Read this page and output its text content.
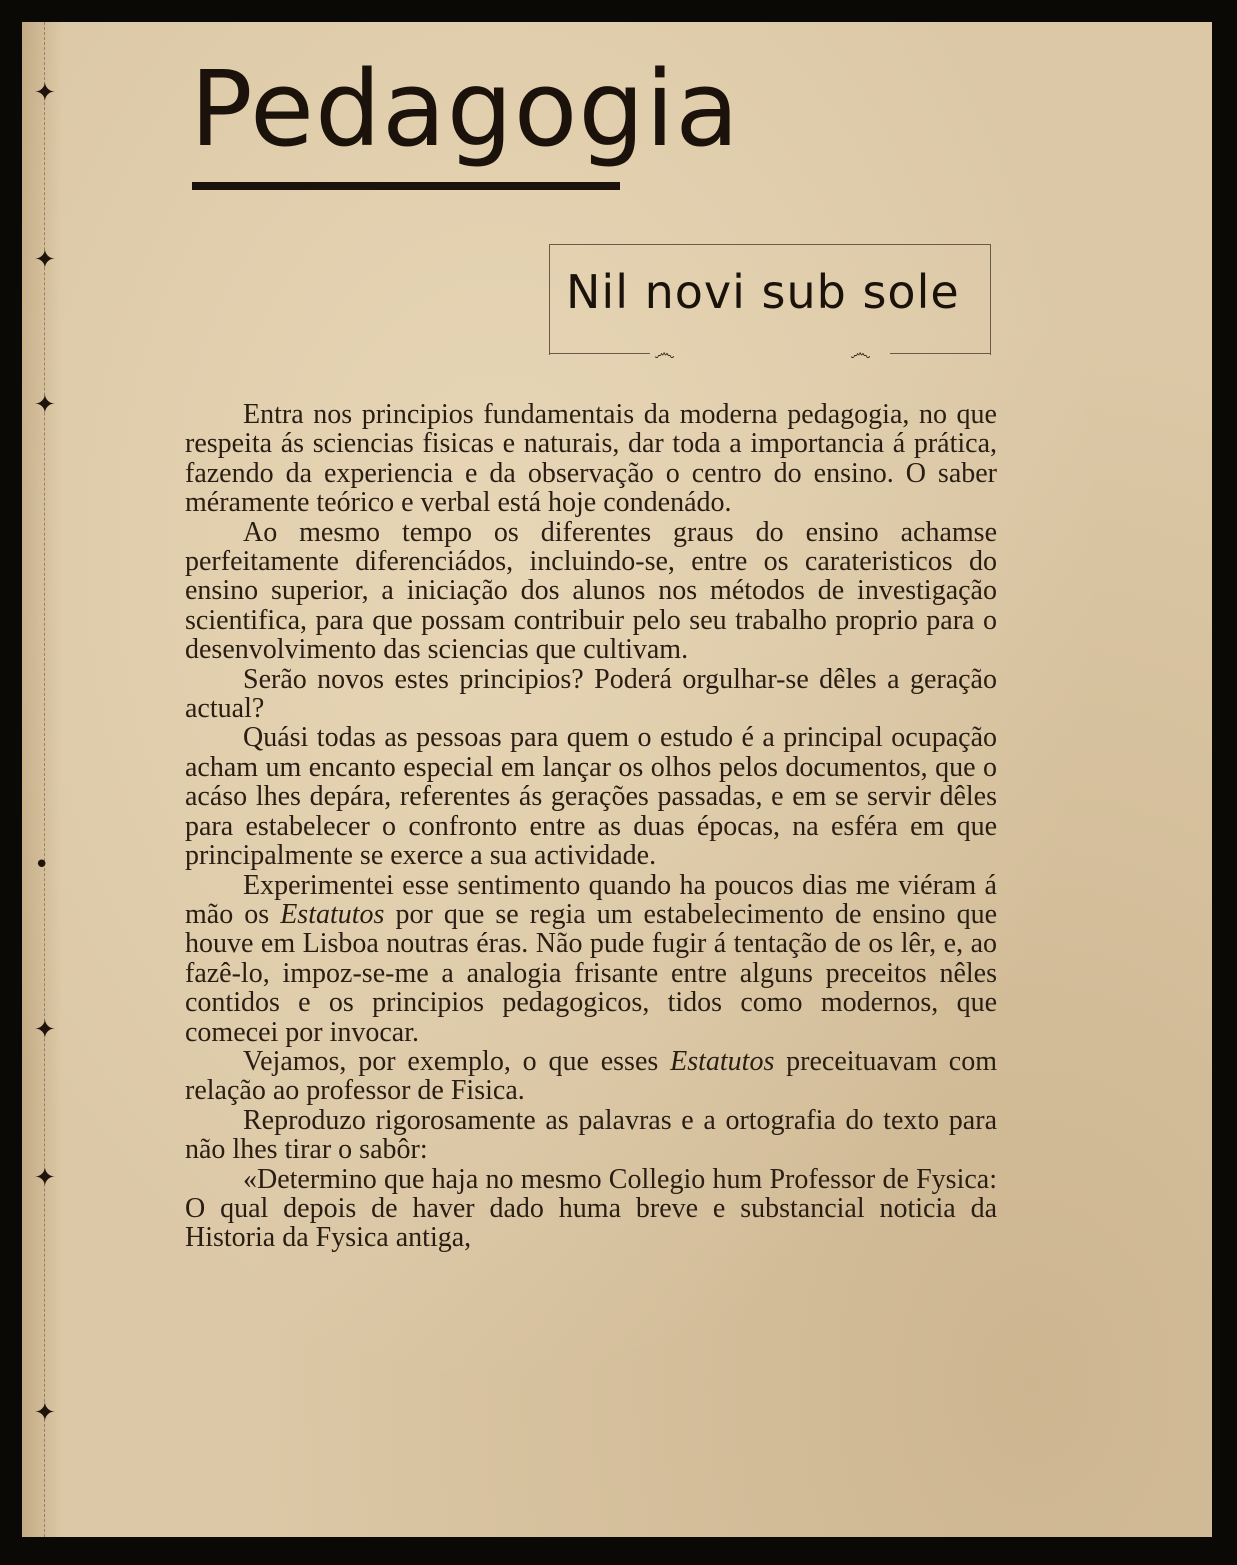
✦
✦
✦
•
✦
✦
✦
Pedagogia
Nil novi sub sole
෴	෴

Entra nos principios fundamentais da moderna pedagogia, no que respeita ás sciencias fisicas e naturais, dar toda a importancia á prática, fazendo da experiencia e da observação o centro do ensino. O saber méramente teórico e verbal está hoje condenádo.

Ao mesmo tempo os diferentes graus do ensino achamse perfeitamente diferenciádos, incluindo-se, entre os carateristicos do ensino superior, a iniciação dos alunos nos métodos de investigação scientifica, para que possam contribuir pelo seu trabalho proprio para o desenvolvimento das sciencias que cultivam.

Serão novos estes principios? Poderá orgulhar-se dêles a geração actual?

Quási todas as pessoas para quem o estudo é a principal ocupação acham um encanto especial em lançar os olhos pelos documentos, que o acáso lhes depára, referentes ás gerações passadas, e em se servir dêles para estabelecer o confronto entre as duas épocas, na esféra em que principalmente se exerce a sua actividade.

Experimentei esse sentimento quando ha poucos dias me viéram á mão os Estatutos por que se regia um estabelecimento de ensino que houve em Lisboa noutras éras. Não pude fugir á tentação de os lêr, e, ao fazê-lo, impoz-se-me a analogia frisante entre alguns preceitos nêles contidos e os principios pedagogicos, tidos como modernos, que comecei por invocar.

Vejamos, por exemplo, o que esses Estatutos preceituavam com relação ao professor de Fisica.

Reproduzo rigorosamente as palavras e a ortografia do texto para não lhes tirar o sabôr:

«Determino que haja no mesmo Collegio hum Professor de Fysica: O qual depois de haver dado huma breve e substancial noticia da Historia da Fysica antiga,
